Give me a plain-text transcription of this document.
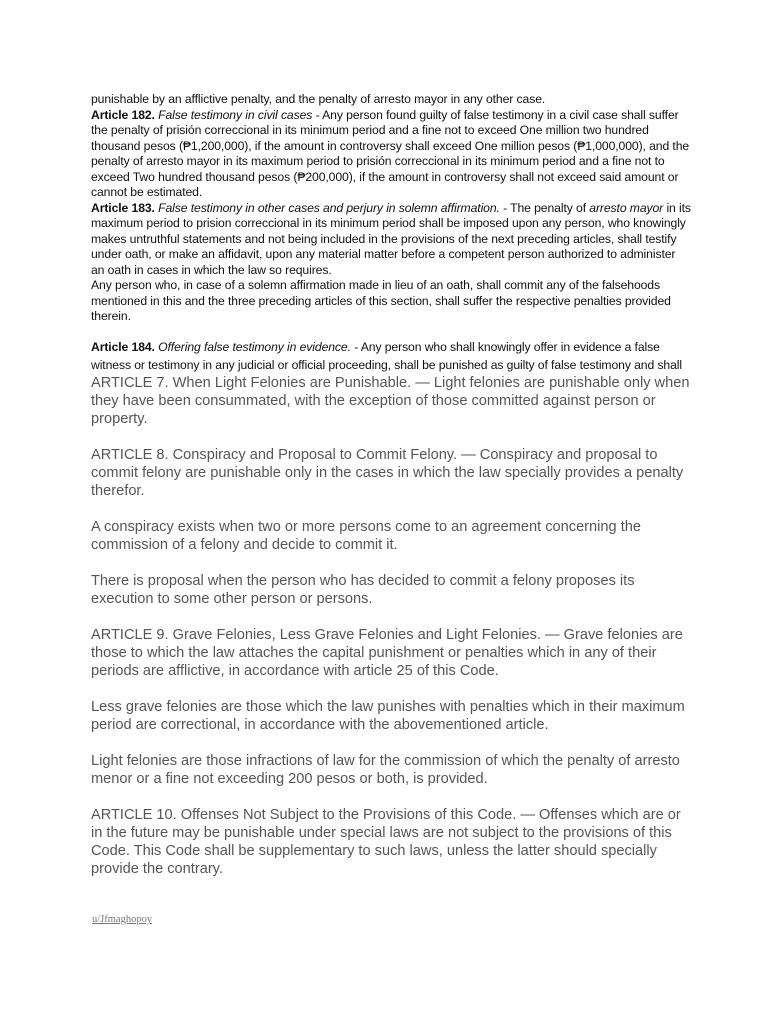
punishable by an afflictive penalty, and the penalty of arresto mayor in any other case.

Article 182. False testimony in civil cases - Any person found guilty of false testimony in a civil case shall suffer the penalty of prisión correccional in its minimum period and a fine not to exceed One million two hundred thousand pesos (₱1,200,000), if the amount in controversy shall exceed One million pesos (₱1,000,000), and the penalty of arresto mayor in its maximum period to prisión correccional in its minimum period and a fine not to exceed Two hundred thousand pesos (₱200,000), if the amount in controversy shall not exceed said amount or cannot be estimated.

Article 183. False testimony in other cases and perjury in solemn affirmation. - The penalty of arresto mayor in its maximum period to prision correccional in its minimum period shall be imposed upon any person, who knowingly makes untruthful statements and not being included in the provisions of the next preceding articles, shall testify under oath, or make an affidavit, upon any material matter before a competent person authorized to administer an oath in cases in which the law so requires.

Any person who, in case of a solemn affirmation made in lieu of an oath, shall commit any of the falsehoods mentioned in this and the three preceding articles of this section, shall suffer the respective penalties provided therein.

Article 184. Offering false testimony in evidence. - Any person who shall knowingly offer in evidence a false witness or testimony in any judicial or official proceeding, shall be punished as guilty of false testimony and shall ARTICLE 7. When Light Felonies are Punishable. — Light felonies are punishable only when they have been consummated, with the exception of those committed against person or property.

ARTICLE 8. Conspiracy and Proposal to Commit Felony. — Conspiracy and proposal to commit felony are punishable only in the cases in which the law specially provides a penalty therefor.

A conspiracy exists when two or more persons come to an agreement concerning the commission of a felony and decide to commit it.

There is proposal when the person who has decided to commit a felony proposes its execution to some other person or persons.

ARTICLE 9. Grave Felonies, Less Grave Felonies and Light Felonies. — Grave felonies are those to which the law attaches the capital punishment or penalties which in any of their periods are afflictive, in accordance with article 25 of this Code.

Less grave felonies are those which the law punishes with penalties which in their maximum period are correctional, in accordance with the abovementioned article.

Light felonies are those infractions of law for the commission of which the penalty of arresto menor or a fine not exceeding 200 pesos or both, is provided.

ARTICLE 10. Offenses Not Subject to the Provisions of this Code. — Offenses which are or in the future may be punishable under special laws are not subject to the provisions of this Code. This Code shall be supplementary to such laws, unless the latter should specially provide the contrary.

u/Jfmaghopoy
